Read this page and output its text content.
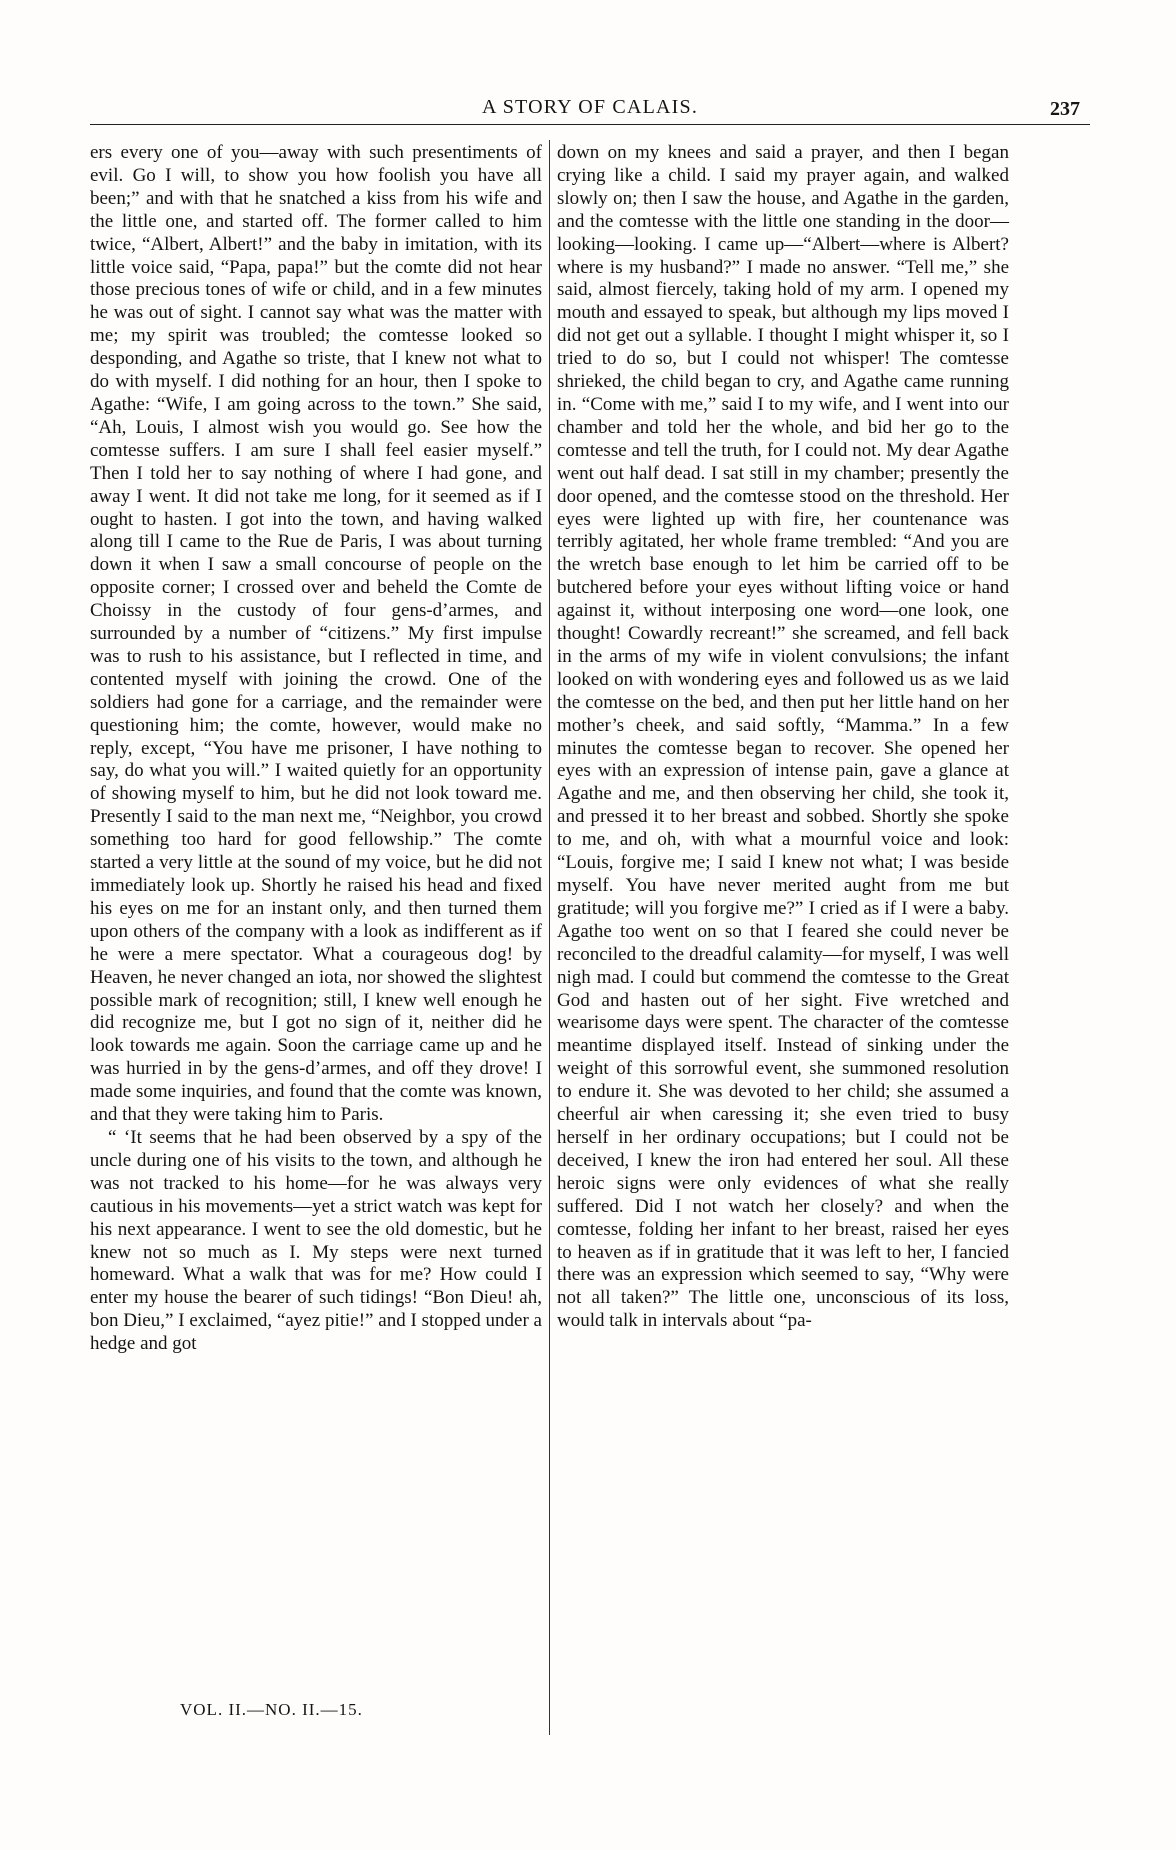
A STORY OF CALAIS.	237

ers every one of you—away with such presentiments of evil. Go I will, to show you how foolish you have all been;” and with that he snatched a kiss from his wife and the little one, and started off. The former called to him twice, “Albert, Albert!” and the baby in imitation, with its little voice said, “Papa, papa!” but the comte did not hear those precious tones of wife or child, and in a few minutes he was out of sight. I cannot say what was the matter with me; my spirit was troubled; the comtesse looked so desponding, and Agathe so triste, that I knew not what to do with myself. I did nothing for an hour, then I spoke to Agathe: “Wife, I am going across to the town.” She said, “Ah, Louis, I almost wish you would go. See how the comtesse suffers. I am sure I shall feel easier myself.” Then I told her to say nothing of where I had gone, and away I went. It did not take me long, for it seemed as if I ought to hasten. I got into the town, and having walked along till I came to the Rue de Paris, I was about turning down it when I saw a small concourse of people on the opposite corner; I crossed over and beheld the Comte de Choissy in the custody of four gens-d’armes, and surrounded by a number of “citizens.” My first impulse was to rush to his assistance, but I reflected in time, and contented myself with joining the crowd. One of the soldiers had gone for a carriage, and the remainder were questioning him; the comte, however, would make no reply, except, “You have me prisoner, I have nothing to say, do what you will.” I waited quietly for an opportunity of showing myself to him, but he did not look toward me. Presently I said to the man next me, “Neighbor, you crowd something too hard for good fellowship.” The comte started a very little at the sound of my voice, but he did not immediately look up. Shortly he raised his head and fixed his eyes on me for an instant only, and then turned them upon others of the company with a look as indifferent as if he were a mere spectator. What a courageous dog! by Heaven, he never changed an iota, nor showed the slightest possible mark of recognition; still, I knew well enough he did recognize me, but I got no sign of it, neither did he look towards me again. Soon the carriage came up and he was hurried in by the gens-d’armes, and off they drove! I made some inquiries, and found that the comte was known, and that they were taking him to Paris.

“ ‘It seems that he had been observed by a spy of the uncle during one of his visits to the town, and although he was not tracked to his home—for he was always very cautious in his movements—yet a strict watch was kept for his next appearance. I went to see the old domestic, but he knew not so much as I. My steps were next turned homeward. What a walk that was for me? How could I enter my house the bearer of such tidings! “Bon Dieu! ah, bon Dieu,” I exclaimed, “ayez pitie!” and I stopped under a hedge and got

down on my knees and said a prayer, and then I began crying like a child. I said my prayer again, and walked slowly on; then I saw the house, and Agathe in the garden, and the comtesse with the little one standing in the door—looking—looking. I came up—“Albert—where is Albert? where is my husband?” I made no answer. “Tell me,” she said, almost fiercely, taking hold of my arm. I opened my mouth and essayed to speak, but although my lips moved I did not get out a syllable. I thought I might whisper it, so I tried to do so, but I could not whisper! The comtesse shrieked, the child began to cry, and Agathe came running in. “Come with me,” said I to my wife, and I went into our chamber and told her the whole, and bid her go to the comtesse and tell the truth, for I could not. My dear Agathe went out half dead. I sat still in my chamber; presently the door opened, and the comtesse stood on the threshold. Her eyes were lighted up with fire, her countenance was terribly agitated, her whole frame trembled: “And you are the wretch base enough to let him be carried off to be butchered before your eyes without lifting voice or hand against it, without interposing one word—one look, one thought! Cowardly recreant!” she screamed, and fell back in the arms of my wife in violent convulsions; the infant looked on with wondering eyes and followed us as we laid the comtesse on the bed, and then put her little hand on her mother’s cheek, and said softly, “Mamma.” In a few minutes the comtesse began to recover. She opened her eyes with an expression of intense pain, gave a glance at Agathe and me, and then observing her child, she took it, and pressed it to her breast and sobbed. Shortly she spoke to me, and oh, with what a mournful voice and look: “Louis, forgive me; I said I knew not what; I was beside myself. You have never merited aught from me but gratitude; will you forgive me?” I cried as if I were a baby. Agathe too went on so that I feared she could never be reconciled to the dreadful calamity—for myself, I was well nigh mad. I could but commend the comtesse to the Great God and hasten out of her sight. Five wretched and wearisome days were spent. The character of the comtesse meantime displayed itself. Instead of sinking under the weight of this sorrowful event, she summoned resolution to endure it. She was devoted to her child; she assumed a cheerful air when caressing it; she even tried to busy herself in her ordinary occupations; but I could not be deceived, I knew the iron had entered her soul. All these heroic signs were only evidences of what she really suffered. Did I not watch her closely? and when the comtesse, folding her infant to her breast, raised her eyes to heaven as if in gratitude that it was left to her, I fancied there was an expression which seemed to say, “Why were not all taken?” The little one, unconscious of its loss, would talk in intervals about “pa-

VOL. II.—NO. II.—15.
